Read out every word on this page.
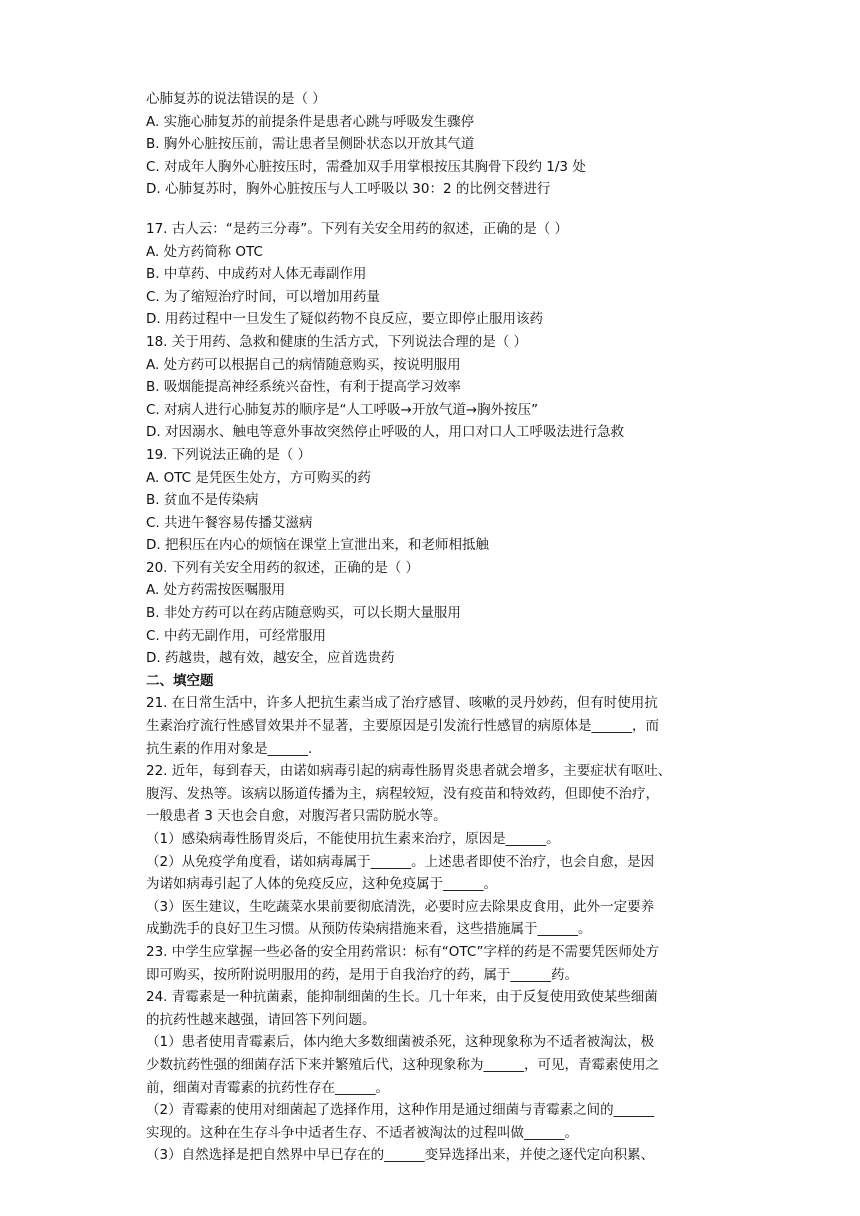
心肺复苏的说法错误的是（ ）
A. 实施心肺复苏的前提条件是患者心跳与呼吸发生骤停
B. 胸外心脏按压前，需让患者呈侧卧状态以开放其气道
C. 对成年人胸外心脏按压时，需叠加双手用掌根按压其胸骨下段约 1/3 处
D. 心肺复苏时，胸外心脏按压与人工呼吸以 30：2 的比例交替进行
17. 古人云：“是药三分毒”。下列有关安全用药的叙述，正确的是（ ）
A. 处方药简称 OTC
B. 中草药、中成药对人体无毒副作用
C. 为了缩短治疗时间，可以增加用药量
D. 用药过程中一旦发生了疑似药物不良反应，要立即停止服用该药
18. 关于用药、急救和健康的生活方式，下列说法合理的是（ ）
A. 处方药可以根据自己的病情随意购买，按说明服用
B. 吸烟能提高神经系统兴奋性，有利于提高学习效率
C. 对病人进行心肺复苏的顺序是“人工呼吸→开放气道→胸外按压”
D. 对因溺水、触电等意外事故突然停止呼吸的人，用口对口人工呼吸法进行急救
19. 下列说法正确的是（ ）
A. OTC 是凭医生处方，方可购买的药
B. 贫血不是传染病
C. 共进午餐容易传播艾滋病
D. 把积压在内心的烦恼在课堂上宣泄出来，和老师相抵触
20. 下列有关安全用药的叙述，正确的是（ ）
A. 处方药需按医嘱服用
B. 非处方药可以在药店随意购买，可以长期大量服用
C. 中药无副作用，可经常服用
D. 药越贵，越有效，越安全，应首选贵药
二、填空题
21. 在日常生活中，许多人把抗生素当成了治疗感冒、咳嗽的灵丹妙药，但有时使用抗
生素治疗流行性感冒效果并不显著，主要原因是引发流行性感冒的病原体是______，而
抗生素的作用对象是______.
22. 近年，每到春天，由诺如病毒引起的病毒性肠胃炎患者就会增多，主要症状有呕吐、
腹泻、发热等。该病以肠道传播为主，病程较短，没有疫苗和特效药，但即使不治疗，
一般患者 3 天也会自愈，对腹泻者只需防脱水等。
（1）感染病毒性肠胃炎后，不能使用抗生素来治疗，原因是______。
（2）从免疫学角度看，诺如病毒属于______。上述患者即使不治疗，也会自愈，是因
为诺如病毒引起了人体的免疫反应，这种免疫属于______。
（3）医生建议，生吃蔬菜水果前要彻底清洗，必要时应去除果皮食用，此外一定要养
成勤洗手的良好卫生习惯。从预防传染病措施来看，这些措施属于______。
23. 中学生应掌握一些必备的安全用药常识：标有“OTC”字样的药是不需要凭医师处方
即可购买，按所附说明服用的药，是用于自我治疗的药，属于______药。
24. 青霉素是一种抗菌素，能抑制细菌的生长。几十年来，由于反复使用致使某些细菌
的抗药性越来越强，请回答下列问题。
（1）患者使用青霉素后，体内绝大多数细菌被杀死，这种现象称为不适者被淘汰，极
少数抗药性强的细菌存活下来并繁殖后代，这种现象称为______，可见，青霉素使用之
前，细菌对青霉素的抗药性存在______。
（2）青霉素的使用对细菌起了选择作用，这种作用是通过细菌与青霉素之间的______
实现的。这种在生存斗争中适者生存、不适者被淘汰的过程叫做______。
（3）自然选择是把自然界中早已存在的______变异选择出来，并使之逐代定向积累、
